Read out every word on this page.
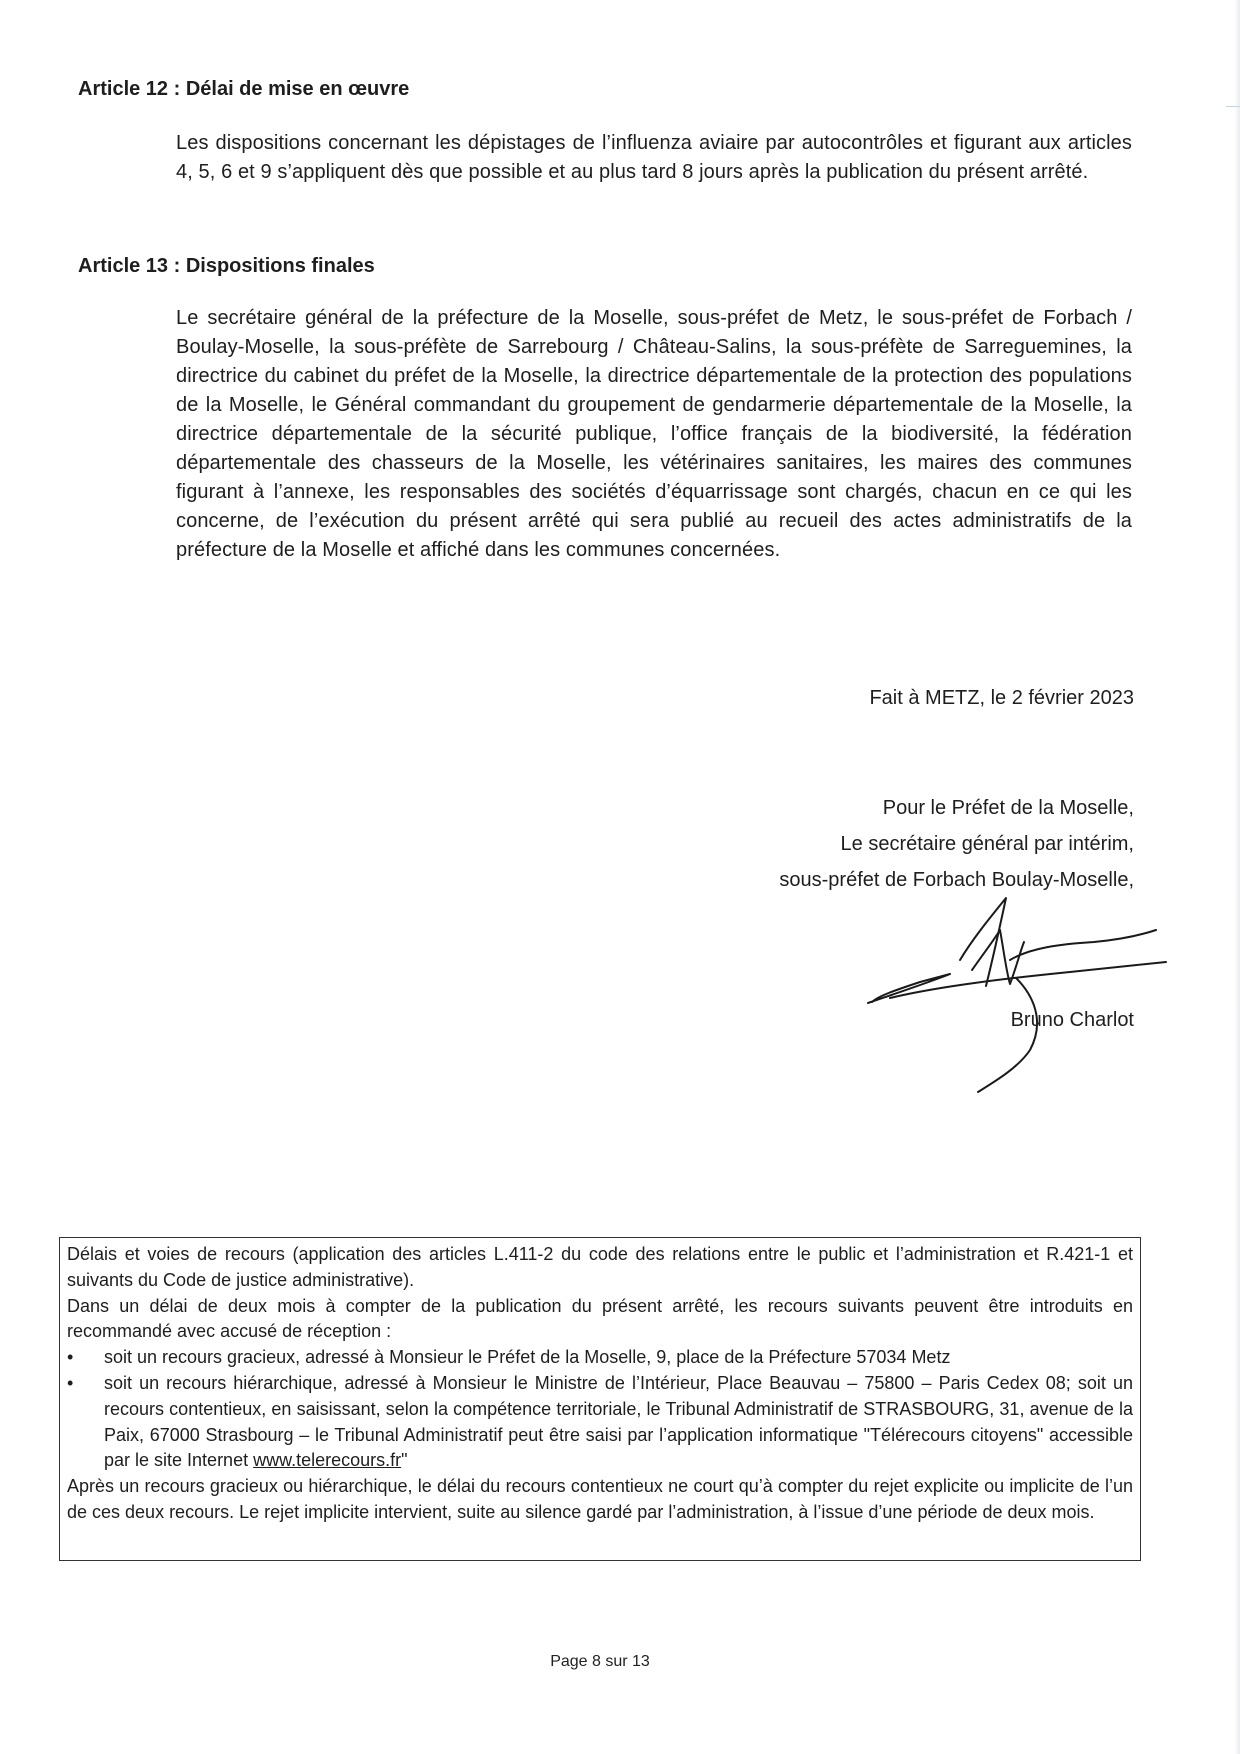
Article 12 : Délai de mise en œuvre

Les dispositions concernant les dépistages de l’influenza aviaire par autocontrôles et figurant aux articles 4, 5, 6 et 9 s’appliquent dès que possible et au plus tard 8 jours après la publication du présent arrêté.

Article 13 : Dispositions finales

Le secrétaire général de la préfecture de la Moselle, sous-préfet de Metz, le sous-préfet de Forbach / Boulay-Moselle, la sous-préfète de Sarrebourg / Château-Salins, la sous-préfète de Sarreguemines, la directrice du cabinet du préfet de la Moselle, la directrice départementale de la protection des populations de la Moselle, le Général commandant du groupement de gendarmerie départementale de la Moselle, la directrice départementale de la sécurité publique, l’office français de la biodiversité, la fédération départementale des chasseurs de la Moselle, les vétérinaires sanitaires, les maires des communes figurant à l’annexe, les responsables des sociétés d’équarrissage sont chargés, chacun en ce qui les concerne, de l’exécution du présent arrêté qui sera publié au recueil des actes administratifs de la préfecture de la Moselle et affiché dans les communes concernées.

Fait à METZ, le 2 février 2023

Pour le Préfet de la Moselle,

Le secrétaire général par intérim,

sous-préfet de Forbach Boulay-Moselle,

Bruno Charlot

Délais et voies de recours (application des articles L.411-2 du code des relations entre le public et l’administration et R.421-1 et suivants du Code de justice administrative).

Dans un délai de deux mois à compter de la publication du présent arrêté, les recours suivants peuvent être introduits en recommandé avec accusé de réception :

• soit un recours gracieux, adressé à Monsieur le Préfet de la Moselle, 9, place de la Préfecture 57034 Metz
• soit un recours hiérarchique, adressé à Monsieur le Ministre de l’Intérieur, Place Beauvau – 75800 – Paris Cedex 08; soit un recours contentieux, en saisissant, selon la compétence territoriale, le Tribunal Administratif de STRASBOURG, 31, avenue de la Paix, 67000 Strasbourg – le Tribunal Administratif peut être saisi par l’application informatique "Télérecours citoyens" accessible par le site Internet www.telerecours.fr"

Après un recours gracieux ou hiérarchique, le délai du recours contentieux ne court qu’à compter du rejet explicite ou implicite de l’un de ces deux recours. Le rejet implicite intervient, suite au silence gardé par l’administration, à l’issue d’une période de deux mois.

Page 8 sur 13
